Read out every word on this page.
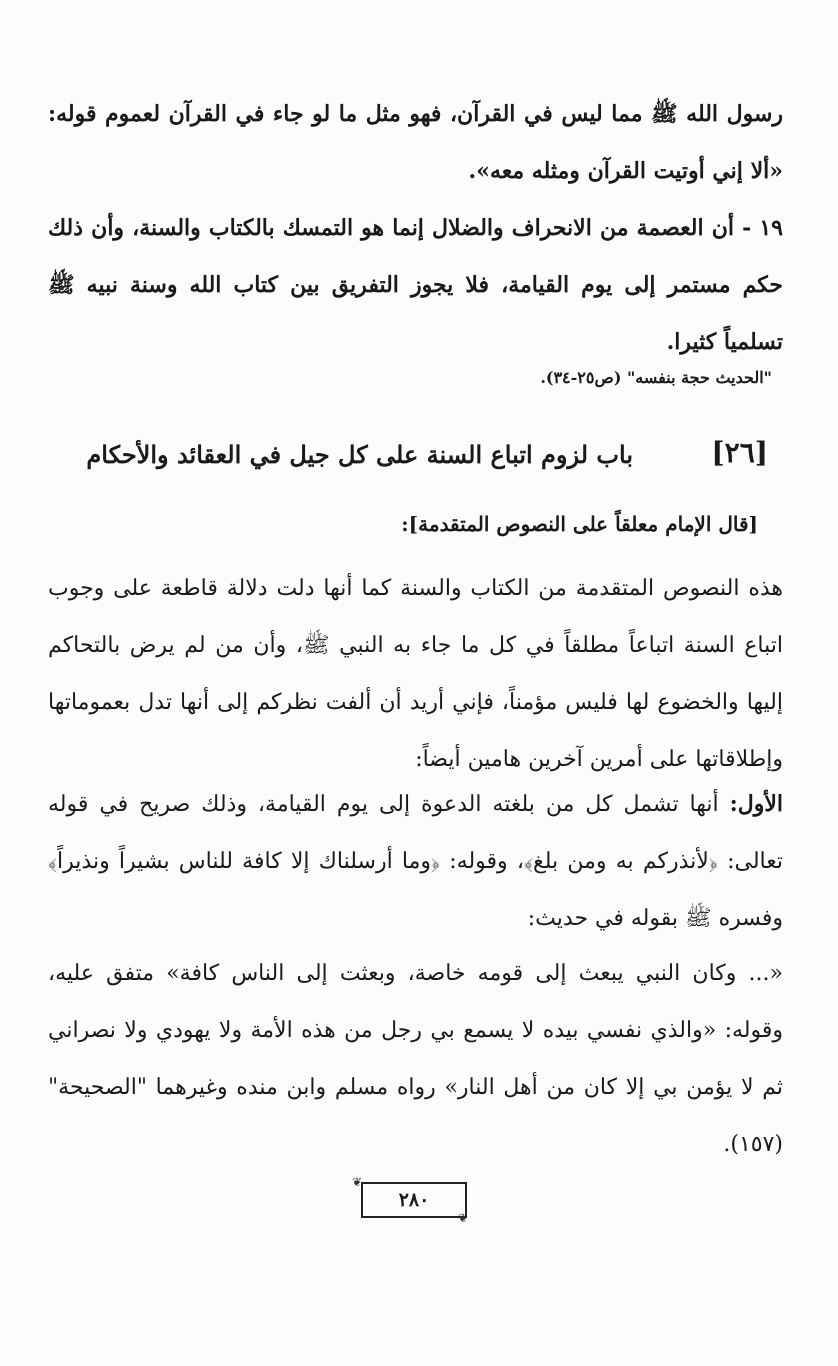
رسول الله ﷺ مما ليس في القرآن، فهو مثل ما لو جاء في القرآن لعموم قوله: «ألا إني أوتيت القرآن ومثله معه».

١٩ - أن العصمة من الانحراف والضلال إنما هو التمسك بالكتاب والسنة، وأن ذلك حكم مستمر إلى يوم القيامة، فلا يجوز التفريق بين كتاب الله وسنة نبيه ﷺ تسلمياً كثيرا.

"الحديث حجة بنفسه" (ص٢٥-٣٤).

[٢٦]
باب لزوم اتباع السنة على كل جيل في العقائد والأحكام

[قال الإمام معلقاً على النصوص المتقدمة]:

هذه النصوص المتقدمة من الكتاب والسنة كما أنها دلت دلالة قاطعة على وجوب اتباع السنة اتباعاً مطلقاً في كل ما جاء به النبي ﷺ، وأن من لم يرض بالتحاكم إليها والخضوع لها فليس مؤمناً، فإني أريد أن ألفت نظركم إلى أنها تدل بعموماتها وإطلاقاتها على أمرين آخرين هامين أيضاً:

الأول: أنها تشمل كل من بلغته الدعوة إلى يوم القيامة، وذلك صريح في قوله تعالى: ﴿لأنذركم به ومن بلغ﴾، وقوله: ﴿وما أرسلناك إلا كافة للناس بشيراً ونذيراً﴾ وفسره ﷺ بقوله في حديث:

«... وكان النبي يبعث إلى قومه خاصة، وبعثت إلى الناس كافة» متفق عليه، وقوله: «والذي نفسي بيده لا يسمع بي رجل من هذه الأمة ولا يهودي ولا نصراني ثم لا يؤمن بي إلا كان من أهل النار» رواه مسلم وابن منده وغيرهما "الصحيحة"(١٥٧).

❦
٢٨٠
❦
